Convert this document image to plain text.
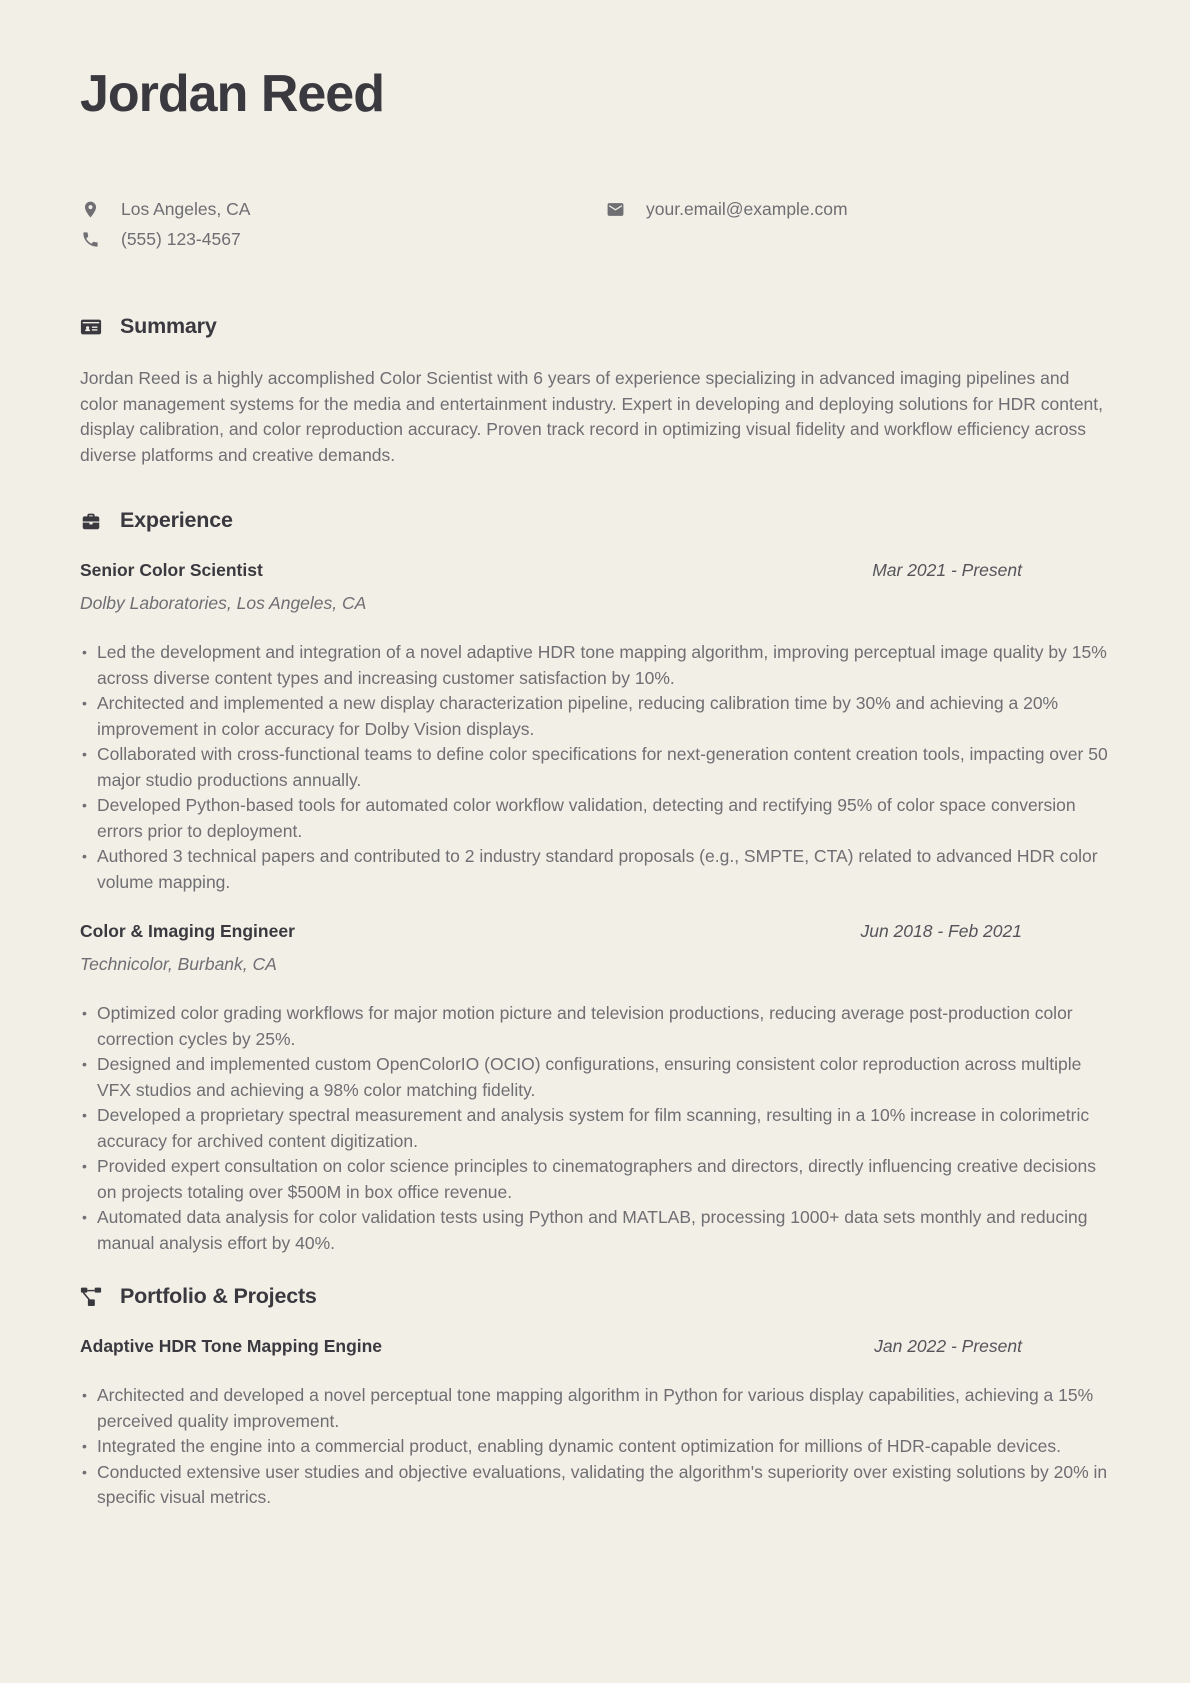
Jordan Reed
Los Angeles, CA
(555) 123-4567
your.email@example.com
Summary

Jordan Reed is a highly accomplished Color Scientist with 6 years of experience specializing in advanced imaging pipelines and color management systems for the media and entertainment industry. Expert in developing and deploying solutions for HDR content, display calibration, and color reproduction accuracy. Proven track record in optimizing visual fidelity and workflow efficiency across diverse platforms and creative demands.

Experience
Senior Color Scientist	Mar 2021 - Present
Dolby Laboratories, Los Angeles, CA
• Led the development and integration of a novel adaptive HDR tone mapping algorithm, improving perceptual image quality by 15% across diverse content types and increasing customer satisfaction by 10%.
• Architected and implemented a new display characterization pipeline, reducing calibration time by 30% and achieving a 20% improvement in color accuracy for Dolby Vision displays.
• Collaborated with cross-functional teams to define color specifications for next-generation content creation tools, impacting over 50 major studio productions annually.
• Developed Python-based tools for automated color workflow validation, detecting and rectifying 95% of color space conversion errors prior to deployment.
• Authored 3 technical papers and contributed to 2 industry standard proposals (e.g., SMPTE, CTA) related to advanced HDR color volume mapping.
Color & Imaging Engineer	Jun 2018 - Feb 2021
Technicolor, Burbank, CA
• Optimized color grading workflows for major motion picture and television productions, reducing average post-production color correction cycles by 25%.
• Designed and implemented custom OpenColorIO (OCIO) configurations, ensuring consistent color reproduction across multiple VFX studios and achieving a 98% color matching fidelity.
• Developed a proprietary spectral measurement and analysis system for film scanning, resulting in a 10% increase in colorimetric accuracy for archived content digitization.
• Provided expert consultation on color science principles to cinematographers and directors, directly influencing creative decisions on projects totaling over $500M in box office revenue.
• Automated data analysis for color validation tests using Python and MATLAB, processing 1000+ data sets monthly and reducing manual analysis effort by 40%.
Portfolio & Projects
Adaptive HDR Tone Mapping Engine	Jan 2022 - Present
• Architected and developed a novel perceptual tone mapping algorithm in Python for various display capabilities, achieving a 15% perceived quality improvement.
• Integrated the engine into a commercial product, enabling dynamic content optimization for millions of HDR-capable devices.
• Conducted extensive user studies and objective evaluations, validating the algorithm's superiority over existing solutions by 20% in specific visual metrics.
